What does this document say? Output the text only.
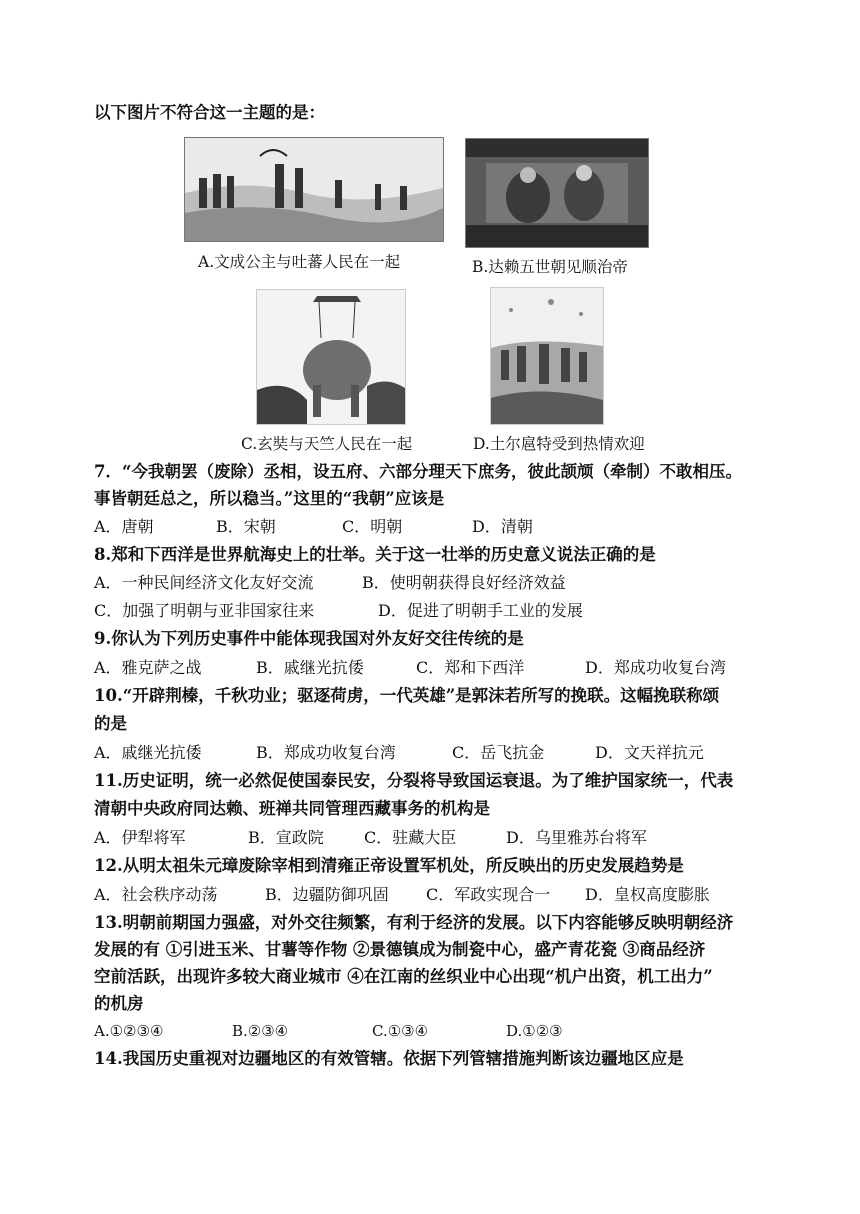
以下图片不符合这一主题的是：
A.文成公主与吐蕃人民在一起	B.达赖五世朝见顺治帝
C.玄奘与天竺人民在一起	D.土尔扈特受到热情欢迎
7．“今我朝罢（废除）丞相，设五府、六部分理天下庶务，彼此颉颃（牵制）不敢相压。
事皆朝廷总之，所以稳当。”这里的“我朝”应该是
A．唐朝	B．宋朝	C．明朝	D．清朝
8.郑和下西洋是世界航海史上的壮举。关于这一壮举的历史意义说法正确的是
A．一种民间经济文化友好交流	B．使明朝获得良好经济效益
C．加强了明朝与亚非国家往来	D．促进了明朝手工业的发展
9.你认为下列历史事件中能体现我国对外友好交往传统的是
A．雅克萨之战	B．戚继光抗倭	C．郑和下西洋	D．郑成功收复台湾
10.“开辟荆榛，千秋功业；驱逐荷虏，一代英雄”是郭沫若所写的挽联。这幅挽联称颂
的是
A．戚继光抗倭	B．郑成功收复台湾	C．岳飞抗金	D．文天祥抗元
11.历史证明，统一必然促使国泰民安，分裂将导致国运衰退。为了维护国家统一，代表
清朝中央政府同达赖、班禅共同管理西藏事务的机构是
A．伊犁将军	B．宣政院	C．驻藏大臣	D．乌里雅苏台将军
12.从明太祖朱元璋废除宰相到清雍正帝设置军机处，所反映出的历史发展趋势是
A．社会秩序动荡	B．边疆防御巩固 C．军政实现合一 D．皇权高度膨胀
13.明朝前期国力强盛，对外交往频繁，有利于经济的发展。以下内容能够反映明朝经济
发展的有 ①引进玉米、甘薯等作物 ②景德镇成为制瓷中心，盛产青花瓷 ③商品经济
空前活跃，出现许多较大商业城市 ④在江南的丝织业中心出现“机户出资，机工出力”
的机房
A.①②③④	B.②③④	C.①③④	D.①②③
14.我国历史重视对边疆地区的有效管辖。依据下列管辖措施判断该边疆地区应是
